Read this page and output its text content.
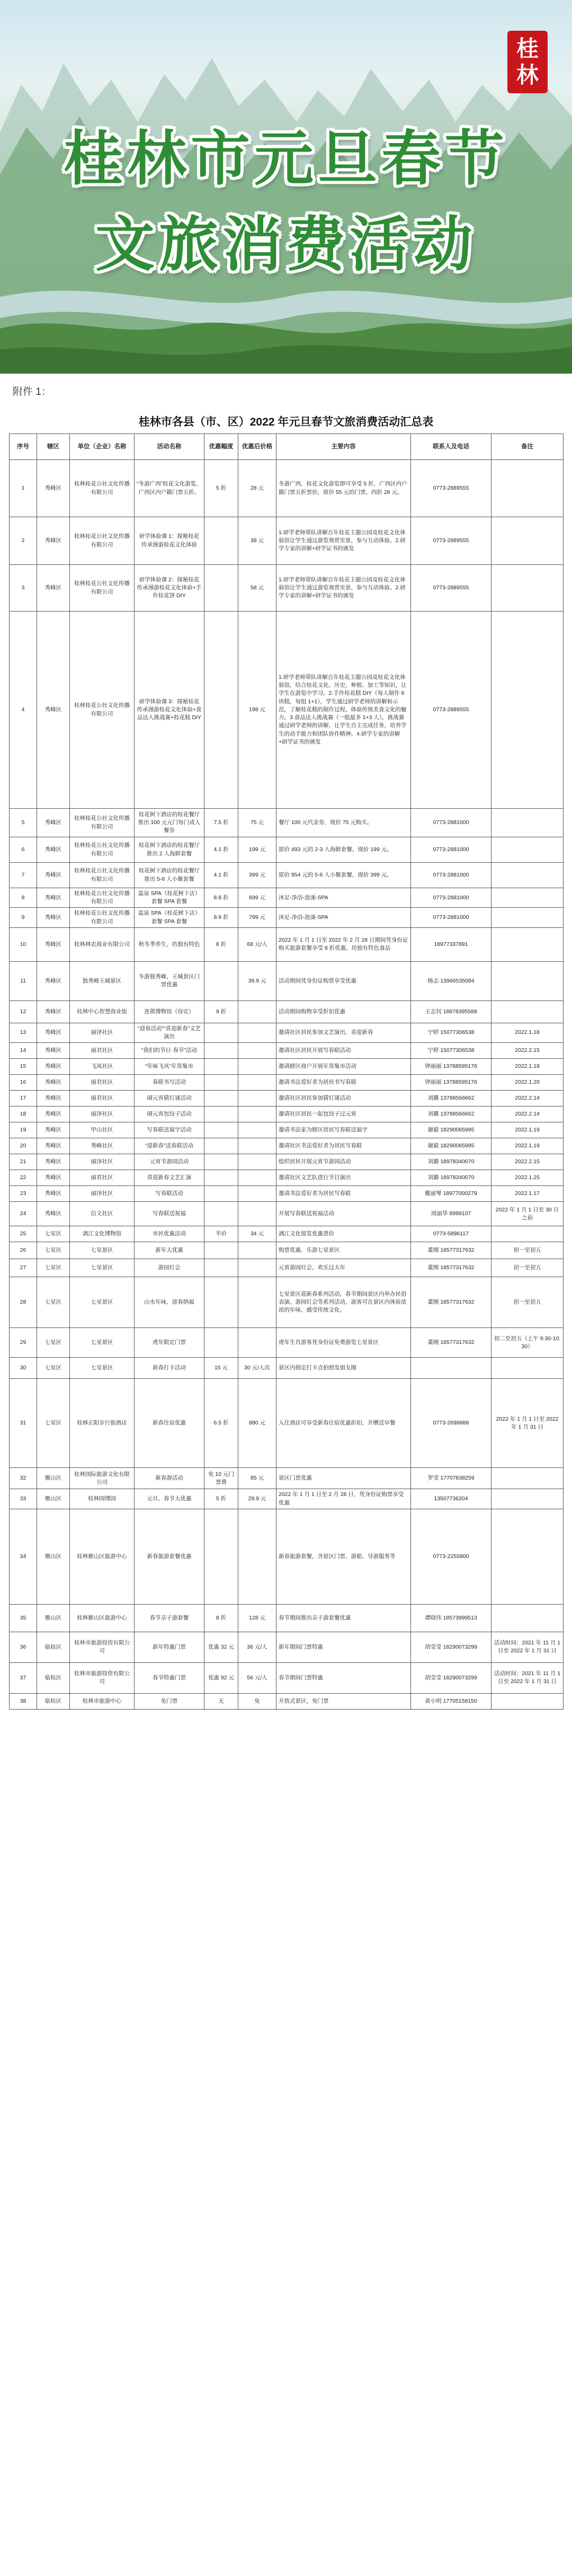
桂
林
桂林市元旦春节
文旅消费活动
附件 1：
桂林市各县（市、区）2022 年元旦春节文旅消费活动汇总表
序号	辖区	单位（企业）名称	活动名称	优惠幅度	优惠后价格	主要内容	联系人及电话	备注
1	秀峰区	桂林桂花公社文化传播有限公司	“冬游广西”桂花文化游览，广西区内户籍门票五折。	5 折	28 元	冬游广西，桂花文化游览即可享受 5 折，广西区内户籍门票五折票价，原价 55 元的门票，四折 28 元。	0773-2889555	
2	秀峰区	桂林桂花公社文化传播有限公司	研学体验课 1：探秘桂花传承漫游桂花文化体验		38 元	1.研学老师带队讲解百年桂花主题公园及桂花文化体验馆让学生通过游览观赏实景，参与互动体验。2.研学专家的讲解+研学证书的颁发	0773-2889555	
3	秀峰区	桂林桂花公社文化传播有限公司	研学体验课 2：探秘桂花传承漫游桂花文化体验+手作桂花饼 DIY		58 元	1.研学老师带队讲解百年桂花主题公园及桂花文化体验馆让学生通过游览观赏实景，参与互动体验。2.研学专家的讲解+研学证书的颁发	0773-2889555	
4	秀峰区	桂林桂花公社文化传播有限公司	研学体验课 3：探秘桂花传承漫游桂花文化体验+食品达人挑战赛+桂花糕 DIY		198 元	1.研学老师带队讲解百年桂花主题公园及桂花文化体验馆，结合桂花文化、历史、种植、加工等知识，让学生在游览中学习。2.手作桂花糕 DIY（每人制作 6 块糕，每组 1+1），学生通过研学老师的讲解和示范，了解桂花糕的制作过程，体验传统美食文化的魅力。3.食品达人挑战赛（一组最多 1+3 人），挑战赛通过研学老师的讲解，让学生自主完成任务，培养学生的动手能力和团队协作精神。4.研学专家的讲解+研学证书的颁发	0773-2889555	
5	秀峰区	桂林桂花公社文化传播有限公司	桂花树下酒店的桂花餐厅推出 100 元元门每门成人餐券	7.5 折	75 元	餐厅 100 元代金券，现价 75 元购买。	0773-2881000	
6	秀峰区	桂林桂花公社文化传播有限公司	桂花树下酒店的桂花餐厅推出 2 人海鲜套餐	4.1 折	199 元	原价 493 元的 2-3 人海鲜套餐，现价 199 元。	0773-2881000	
7	秀峰区	桂林桂花公社文化传播有限公司	桂花树下酒店的桂花餐厅推出 5-6 人小聚套餐	4.1 折	399 元	原价 954 元的 5-6 人小聚套餐，现价 399 元。	0773-2881000	
8	秀峰区	桂林桂花公社文化传播有限公司	温泉 SPA（桂花树下店）套餐 SPA 套餐	8.8 折	699 元	沐足-净浴-泡澡-SPA	0773-2881000	
9	秀峰区	桂林桂花公社文化传播有限公司	温泉 SPA（桂花树下店）套餐 SPA 套餐	8.9 折	799 元	沐足-净浴-泡澡-SPA	0773-2881000	
10	秀峰区	桂林林农商业有限公司	秋冬季养生，坊独有特色	8 折	68 元/人	2022 年 1 月 1 日至 2022 年 2 月 28 日期间凭身份证购买旅游套餐享受 8 折优惠，坊独有特色食品	18977337891	
11	秀峰区	独秀峰王城景区	冬游独秀峰，王城景区门票优惠		39.9 元	活动期间凭身份证购票享受优惠	杨志 13966535084	
12	秀峰区	桂林中心智慧商业街	连锁博物馆（待定）	9 折		活动期间购物享受折扣优惠	王志钊 18878395588	
13	秀峰区	丽泽社区	“迎春活动”“喜迎新春”文艺演出			邀请社区居民参加文艺演出，喜迎新春	宁婷 15077306538	2022.1.18
14	秀峰区	丽君社区	“我们的节日·春节”活动			邀请社区居民开展写春联活动	宁婷 15077306538	2022.2.15
15	秀峰区	飞凤社区	“年味飞凤”年货集市			邀请辖区商户开展年货集市活动	钟丽丽 13788595176	2022.1.18
16	秀峰区	丽君社区	春联书写活动			邀请书法爱好者为居民书写春联	钟丽丽 13788595176	2022.1.20
17	秀峰区	丽君社区	闹元宵猜灯谜活动			邀请社区居民参加猜灯谜活动	刘璐 13788566662	2022.2.14
18	秀峰区	丽泽社区	闹元宵包饺子活动			邀请社区居民一起包饺子过元宵	刘璐 13788566662	2022.2.14
19	秀峰区	甲山社区	写春联送福字活动			邀请书法家为辖区居民写春联送福字	谢毅 18290065995	2022.1.19
20	秀峰区	秀峰社区	“迎新春”送春联活动			邀请社区书法爱好者为居民写春联	谢毅 18290065995	2022.1.19
21	秀峰区	丽泽社区	元宵节游园活动			组织居民开展元宵节游园活动	刘璐 18978340070	2022.2.15
22	秀峰区	丽君社区	喜迎新春文艺汇演			邀请社区文艺队进行节目演出	刘璐 18978340070	2022.1.25
23	秀峰区	丽泽社区	写春联活动			邀请书法爱好者为居民写春联	戴丽琴 18977000279	2022.1.17
24	秀峰区	信义社区	写春联送祝福			开展写春联送祝福活动	周丽华 8999107	2022 年 1 月 1 日至 30 日之前
25	七星区	漓江文化博物馆	市民优惠活动	半价	34 元	漓江文化展览优惠票价	0773-5896117	
26	七星区	七星景区	新年大优惠			购票优惠，乐游七星景区	董刚 18577317632	初一至初五
27	七星区	七星景区	游园灯会			元宵游园灯会，欢乐过大年	董刚 18577317632	初一至初五
28	七星区	七星景区	山水年味，迎春纳福			七星景区迎新春系列活动，春节期间景区内举办民俗表演、游园灯会等系列活动，游客可在景区内体验浓浓的年味，感受传统文化。	董刚 18577317632	初一至初五
29	七星区	七星景区	虎年限定门票			虎年生肖游客凭身份证免费游览七星景区	董刚 18577317632	初二至初五（上午 9:30-10:30）
30	七星区	七星景区	新春打卡活动	15 元	30 元/人次	景区内指定打卡点拍照发朋友圈		
31	七星区	桂林正阳步行街酒店	新春住宿优惠	6.5 折	880 元	入住酒店可享受新春住宿优惠折扣，并赠送早餐	0773-2698888	2022 年 1 月 1 日至 2022 年 1 月 31 日
32	雁山区	桂林国际旅游文化有限公司	新春游活动	免 10 元门票费	85 元	景区门票优惠	罗莹 17707838259	
33	雁山区	桂林园博园	元旦、春节大优惠	5 折	29.9 元	2022 年 1 月 1 日至 2 月 28 日，凭身份证购票享受优惠	13507736204	
34	雁山区	桂林雁山区旅游中心	新春旅游套餐优惠			新春旅游套餐，含景区门票、游船、导游服务等	0773-2255800	
35	雁山区	桂林雁山区旅游中心	春节亲子游套餐	8 折	128 元	春节期间推出亲子游套餐优惠	谭晓伟 18573999513	
36	临桂区	桂林市旅游投资有限公司	新年特惠门票	优惠 32 元	36 元/人	新年期间门票特惠	胡莹莹 18290073299	活动时间：2021 年 11 月 1 日至 2022 年 1 月 31 日
37	临桂区	桂林市旅游投资有限公司	春节特惠门票	优惠 92 元	56 元/人	春节期间门票特惠	胡莹莹 18290073299	活动时间：2021 年 11 月 1 日至 2022 年 1 月 31 日
38	临桂区	桂林市旅游中心	免门票	无	免	开放式景区，免门票	黄小明 17705158150	
